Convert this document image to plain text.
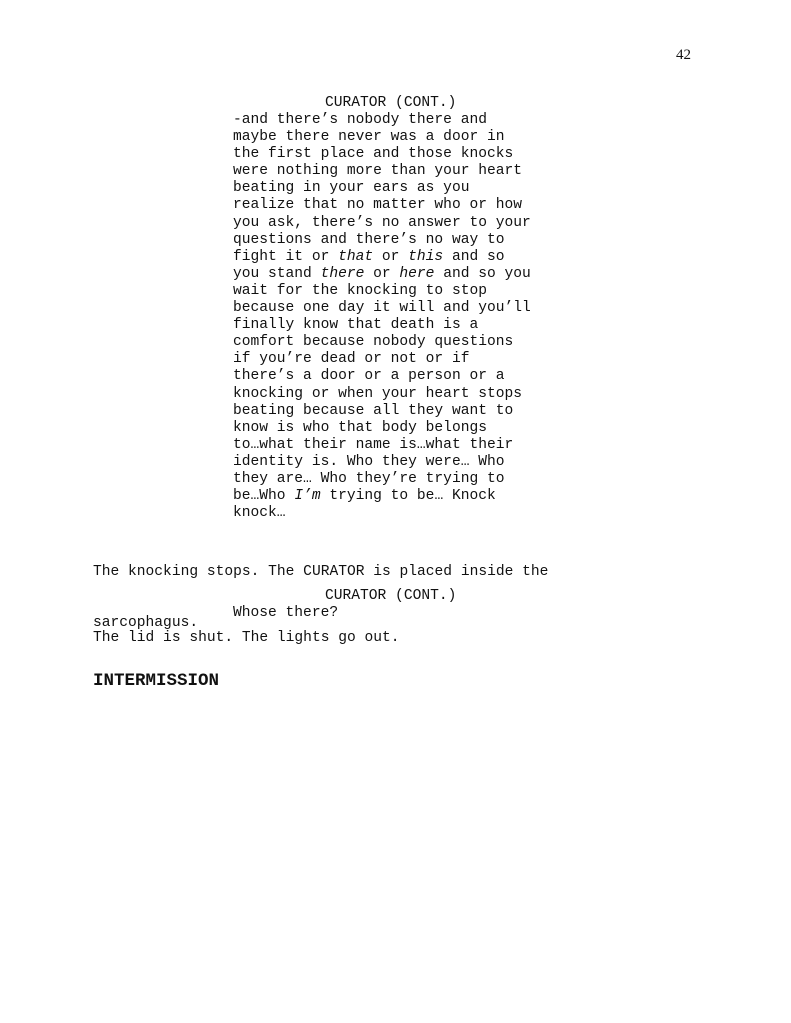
42
CURATOR (CONT.)
-and there’s nobody there and
maybe there never was a door in
the first place and those knocks
were nothing more than your heart
beating in your ears as you
realize that no matter who or how
you ask, there’s no answer to your
questions and there’s no way to
fight it or that or this and so
you stand there or here and so you
wait for the knocking to stop
because one day it will and you’ll
finally know that death is a
comfort because nobody questions
if you’re dead or not or if
there’s a door or a person or a
knocking or when your heart stops
beating because all they want to
know is who that body belongs
to…what their name is…what their
identity is. Who they were… Who
they are… Who they’re trying to
be…Who I’m trying to be… Knock
knock…

The knocking stops. The CURATOR is placed inside the

sarcophagus.

CURATOR (CONT.)
Whose there?
The lid is shut. The lights go out.
INTERMISSION
